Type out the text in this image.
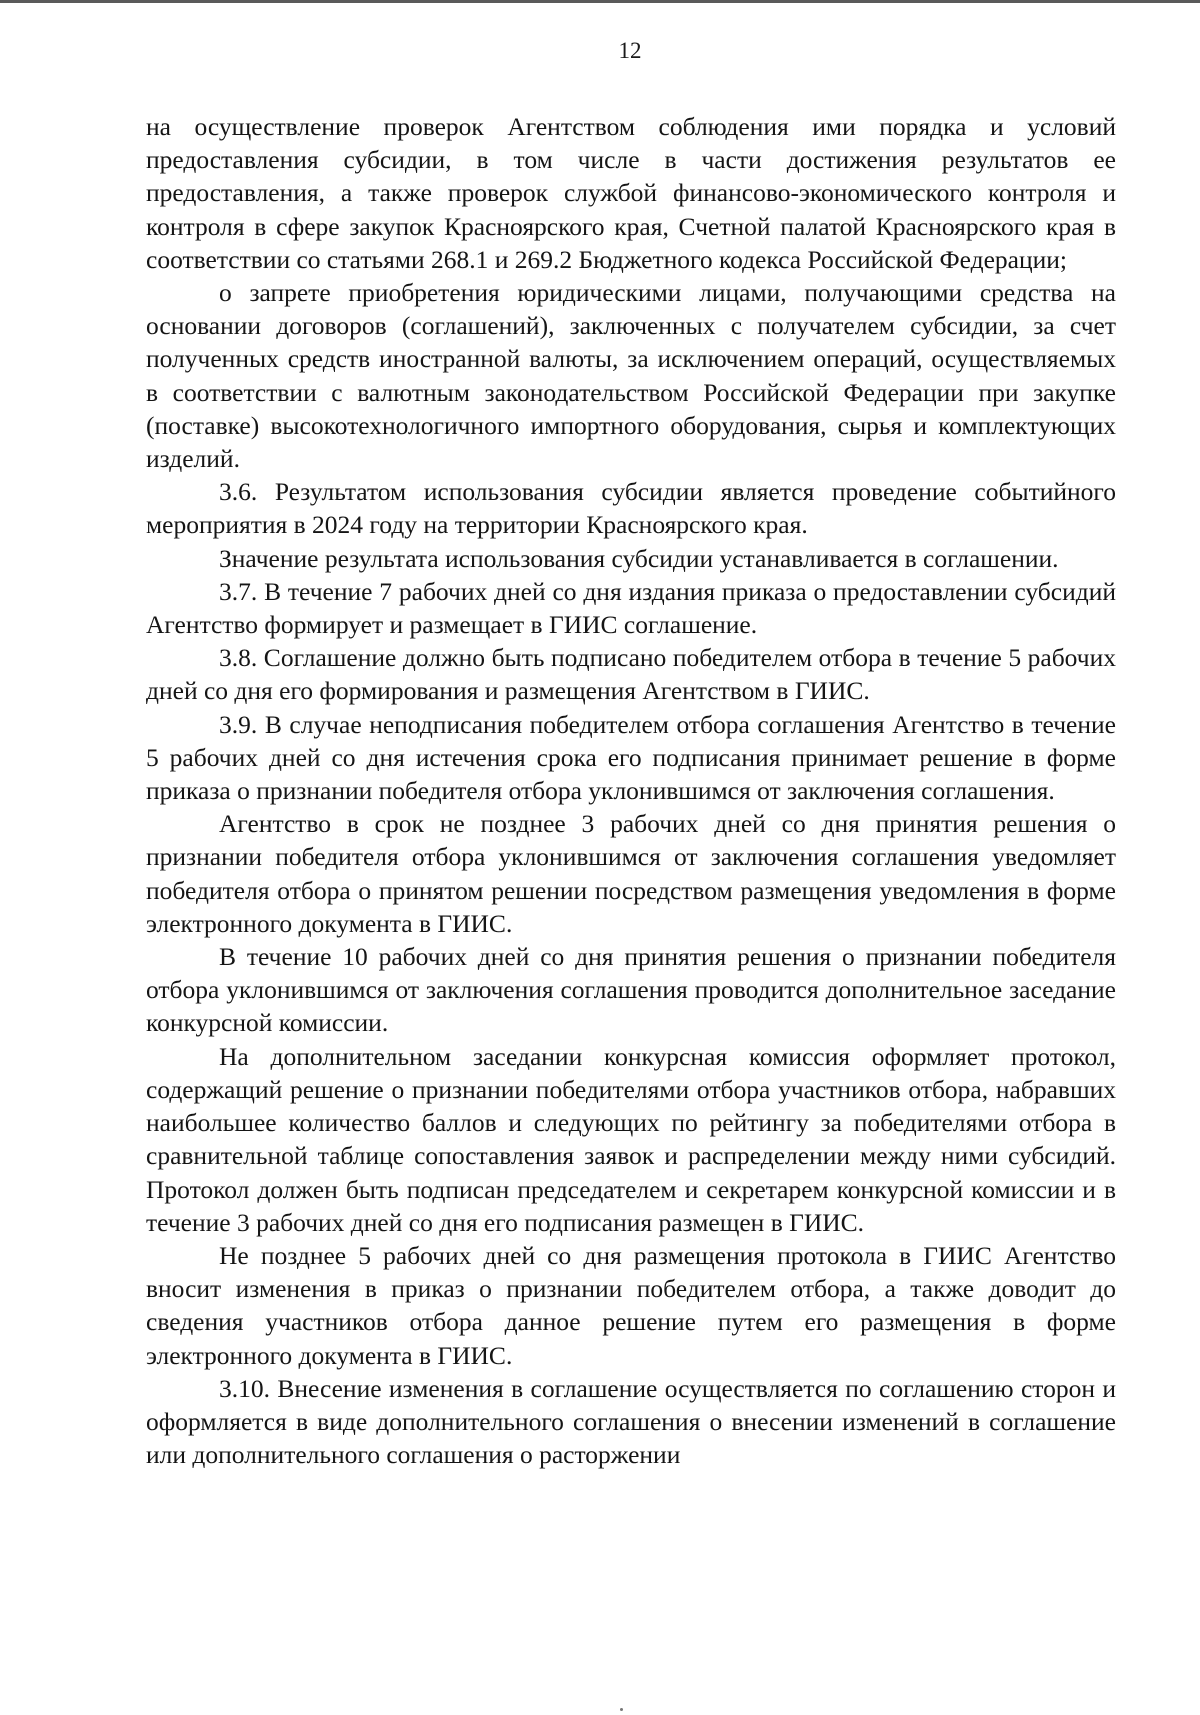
12

на осуществление проверок Агентством соблюдения ими порядка и условий предоставления субсидии, в том числе в части достижения результатов ее предоставления, а также проверок службой финансово-экономического контроля и контроля в сфере закупок Красноярского края, Счетной палатой Красноярского края в соответствии со статьями 268.1 и 269.2 Бюджетного кодекса Российской Федерации;

о запрете приобретения юридическими лицами, получающими средства на основании договоров (соглашений), заключенных с получателем субсидии, за счет полученных средств иностранной валюты, за исключением операций, осуществляемых в соответствии с валютным законодательством Российской Федерации при закупке (поставке) высокотехнологичного импортного оборудования, сырья и комплектующих изделий.

3.6. Результатом использования субсидии является проведение событийного мероприятия в 2024 году на территории Красноярского края.

Значение результата использования субсидии устанавливается в соглашении.

3.7. В течение 7 рабочих дней со дня издания приказа о предоставлении субсидий Агентство формирует и размещает в ГИИС соглашение.

3.8. Соглашение должно быть подписано победителем отбора в течение 5 рабочих дней со дня его формирования и размещения Агентством в ГИИС.

3.9. В случае неподписания победителем отбора соглашения Агентство в течение 5 рабочих дней со дня истечения срока его подписания принимает решение в форме приказа о признании победителя отбора уклонившимся от заключения соглашения.

Агентство в срок не позднее 3 рабочих дней со дня принятия решения о признании победителя отбора уклонившимся от заключения соглашения уведомляет победителя отбора о принятом решении посредством размещения уведомления в форме электронного документа в ГИИС.

В течение 10 рабочих дней со дня принятия решения о признании победителя отбора уклонившимся от заключения соглашения проводится дополнительное заседание конкурсной комиссии.

На дополнительном заседании конкурсная комиссия оформляет протокол, содержащий решение о признании победителями отбора участников отбора, набравших наибольшее количество баллов и следующих по рейтингу за победителями отбора в сравнительной таблице сопоставления заявок и распределении между ними субсидий. Протокол должен быть подписан председателем и секретарем конкурсной комиссии и в течение 3 рабочих дней со дня его подписания размещен в ГИИС.

Не позднее 5 рабочих дней со дня размещения протокола в ГИИС Агентство вносит изменения в приказ о признании победителем отбора, а также доводит до сведения участников отбора данное решение путем его размещения в форме электронного документа в ГИИС.

3.10. Внесение изменения в соглашение осуществляется по соглашению сторон и оформляется в виде дополнительного соглашения о внесении изменений в соглашение или дополнительного соглашения о расторжении
